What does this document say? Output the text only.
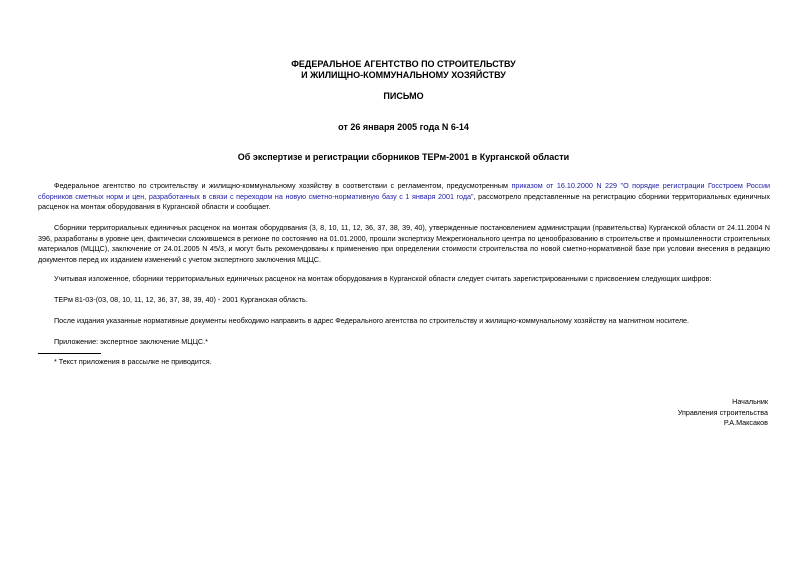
ФЕДЕРАЛЬНОЕ АГЕНТСТВО ПО СТРОИТЕЛЬСТВУ
И ЖИЛИЩНО-КОММУНАЛЬНОМУ ХОЗЯЙСТВУ
ПИСЬМО
от 26 января 2005 года N 6-14
Об экспертизе и регистрации сборников ТЕРм-2001 в Курганской области

Федеральное агентство по строительству и жилищно-коммунальному хозяйству в соответствии с регламентом, предусмотренным приказом от 16.10.2000 N 229 "О порядке регистрации Госстроем России сборников сметных норм и цен, разработанных в связи с переходом на новую сметно-нормативную базу с 1 января 2001 года", рассмотрело представленные на регистрацию сборники территориальных единичных расценок на монтаж оборудования в Курганской области и сообщает.

Сборники территориальных единичных расценок на монтаж оборудования (3, 8, 10, 11, 12, 36, 37, 38, 39, 40), утвержденные постановлением администрации (правительства) Курганской области от 24.11.2004 N 396, разработаны в уровне цен, фактически сложившемся в регионе по состоянию на 01.01.2000, прошли экспертизу Межрегионального центра по ценообразованию в строительстве и промышленности строительных материалов (МЦЦС), заключение от 24.01.2005 N 45/3, и могут быть рекомендованы к применению при определении стоимости строительства по новой сметно-нормативной базе при условии внесения в редакцию документов перед их изданием изменений с учетом экспертного заключения МЦЦС.

Учитывая изложенное, сборники территориальных единичных расценок на монтаж оборудования в Курганской области следует считать зарегистрированными с присвоением следующих шифров:

ТЕРм 81-03-(03, 08, 10, 11, 12, 36, 37, 38, 39, 40) - 2001 Курганская область.

После издания указанные нормативные документы необходимо направить в адрес Федерального агентства по строительству и жилищно-коммунальному хозяйству на магнитном носителе.

Приложение: экспертное заключение МЦЦС.*

* Текст приложения в рассылке не приводится.

Начальник
Управления строительства
Р.А.Максаков
